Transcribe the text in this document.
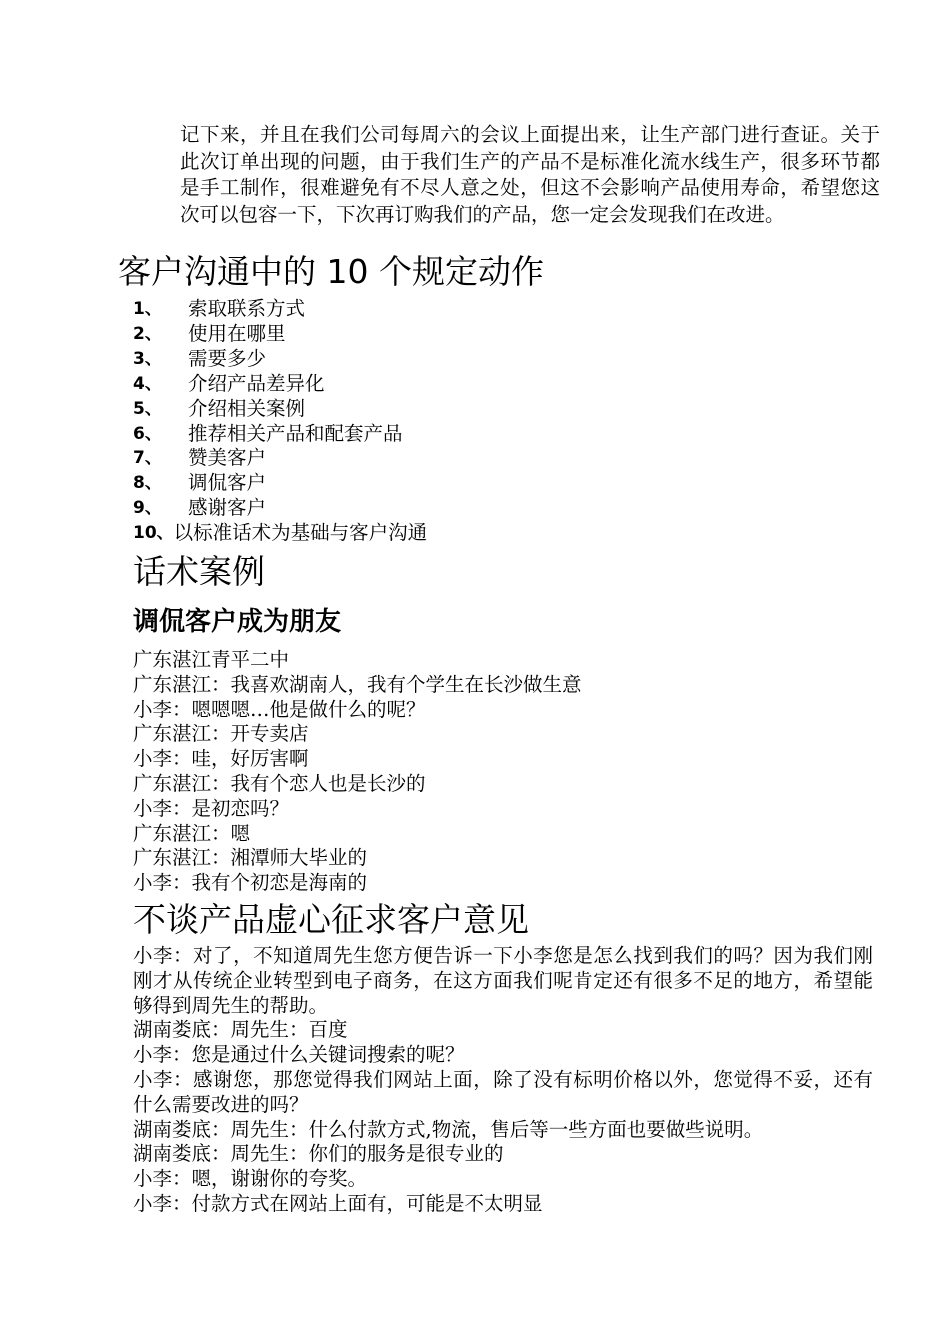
记下来，并且在我们公司每周六的会议上面提出来，让生产部门进行查证。关于此次订单出现的问题，由于我们生产的产品不是标准化流水线生产，很多环节都是手工制作，很难避免有不尽人意之处，但这不会影响产品使用寿命，希望您这次可以包容一下，下次再订购我们的产品，您一定会发现我们在改进。
客户沟通中的 10 个规定动作
1、	索取联系方式
2、	使用在哪里
3、	需要多少
4、	介绍产品差异化
5、	介绍相关案例
6、	推荐相关产品和配套产品
7、	赞美客户
8、	调侃客户
9、	感谢客户
10、 以标准话术为基础与客户沟通
话术案例
调侃客户成为朋友

广东湛江青平二中

广东湛江：我喜欢湖南人，我有个学生在长沙做生意

小李：嗯嗯嗯…他是做什么的呢？

广东湛江：开专卖店

小李：哇，好厉害啊

广东湛江：我有个恋人也是长沙的

小李：是初恋吗？

广东湛江：嗯

广东湛江：湘潭师大毕业的

小李：我有个初恋是海南的

不谈产品虚心征求客户意见

小李：对了，不知道周先生您方便告诉一下小李您是怎么找到我们的吗？因为我们刚刚才从传统企业转型到电子商务，在这方面我们呢肯定还有很多不足的地方，希望能够得到周先生的帮助。

湖南娄底：周先生：百度

小李：您是通过什么关键词搜索的呢？

小李：感谢您，那您觉得我们网站上面，除了没有标明价格以外，您觉得不妥，还有什么需要改进的吗？

湖南娄底：周先生：什么付款方式,物流，售后等一些方面也要做些说明。

湖南娄底：周先生：你们的服务是很专业的

小李：嗯，谢谢你的夸奖。

小李：付款方式在网站上面有，可能是不太明显
